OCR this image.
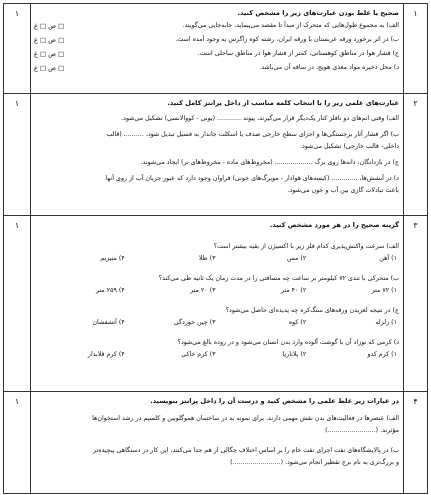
۱
صحیح یا غلط بودن عبارت‌های زیر را مشخص کنید.
الف) به مجموع طول‌هایی که متحرک از مبدأ تا مقصد می‌پیماید، جابه‌جایی می‌گویند.
ص □ غ □
ب) در اثر برخورد ورقه عربستان با ورقه ایران، رشته کوه زاگرس به وجود آمده است.
ص □ غ □
ج) فشار هوا در مناطق کوهستانی، کمتر از فشار هوا در مناطق ساحلی است.
ص □ غ □
د) محل ذخیره مواد مغذی هویج، در ساقه آن می‌باشد.
ص □ غ □
۱
۲
عبارت‌های علمی زیر را با انتخاب کلمه مناسب از داخل پرانتز کامل کنید.
الف) وقتی اتم‌های دو نافلز کنار یک‌دیگر قرار می‌گیرند، پیوند ............ (یونی - کووالانسی) تشکیل می‌شود.
ب) اگر فشار آثار برجستگی‌ها و اجزای سطح خارجی صدف یا اسکلت جاندار به فسیل تبدیل شود، .......... (قالب
داخلی- قالب خارجی) تشکیل می‌شود.
ج) در بازدانگان، دانه‌ها روی برگ ................... (مخروط‌های ماده - مخروط‌های نر) ایجاد می‌شوند.
د) در آبشش‌ها، ............. (کیسه‌های هوادار - مویرگ‌های خونی) فراوان وجود دارد که عبور جریان آب از روی آنها
باعث تبادلات گازی بین آب و خون می‌شود.
۱
۳
گزینه صحیح را در هر مورد مشخص کنید.
الف) سرعت واکنش‌پذیری کدام فلز زیر با اکسیژن از بقیه بیشتر است؟
۱) آهن
۲) مس
۳) طلا
۴) منیزیم
ب) متحرکی با تندی ۷۲ کیلومتر بر ساعت چه مسافتی را در مدت زمان یک ثانیه طی می‌کند؟
۱) ۷۲ متر
۲) ۴۰ متر
۳) ۲۰ متر
۴) ۲۵۹ متر
ج) در نتیجه لغزیدن ورقه‌های سنگ‌کره چه پدیده‌ای حاصل می‌شود؟
۱) زلزله
۲) کوه
۳) چین خوردگی
۴) آتشفشان
د) کرمی که نوزاد آن با گوشت آلوده وارد بدن انسان می‌شود و در روده بالغ می‌شود؟
۱) کرم کدو
۲) پلاناریا
۳) کرم خاکی
۴) کرم قلابدار
۱
۴
در عبارات زیر غلط علمی را مشخص کنید و درست آن را داخل پرانتز بنویسید.
الف) عنصرها در فعالیت‌های بدن نقش مهمی دارند، برای نمونه ید در ساختمان هموگلوبین و کلسیم در رشد استخوان‌ها
مؤثرند. (........................)
ب) در پالایشگاه‌های نفت اجزای نفت خام را بر اساس اختلاف چگالی از هم جدا می‌کنند، این کار در دستگاهی پیچیده‌تر
و بزرگ‌تری به نام برج تقطیر انجام می‌شود. (........................)
۱
